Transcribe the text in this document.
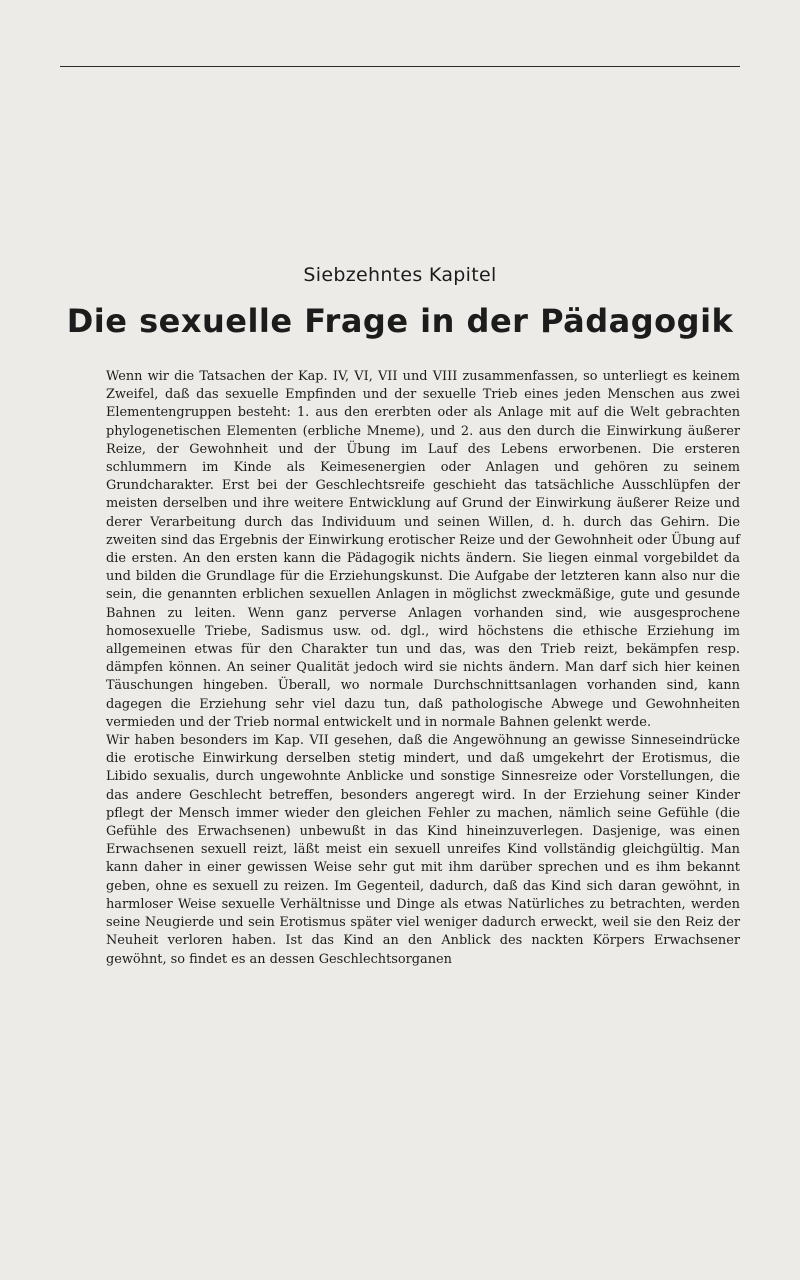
Siebzehntes Kapitel
Die sexuelle Frage in der Pädagogik

Wenn wir die Tatsachen der Kap. IV, VI, VII und VIII zusammenfassen, so unterliegt es keinem Zweifel, daß das sexuelle Empfinden und der sexuelle Trieb eines jeden Menschen aus zwei Elementengruppen besteht: 1. aus den ererbten oder als Anlage mit auf die Welt gebrachten phylogenetischen Elementen (erbliche Mneme), und 2. aus den durch die Einwirkung äußerer Reize, der Gewohnheit und der Übung im Lauf des Lebens erworbenen. Die ersteren schlummern im Kinde als Keimesenergien oder Anlagen und gehören zu seinem Grundcharakter. Erst bei der Geschlechtsreife geschieht das tatsächliche Ausschlüpfen der meisten derselben und ihre weitere Entwicklung auf Grund der Einwirkung äußerer Reize und derer Verarbeitung durch das Individuum und seinen Willen, d. h. durch das Gehirn. Die zweiten sind das Ergebnis der Einwirkung erotischer Reize und der Gewohnheit oder Übung auf die ersten. An den ersten kann die Pädagogik nichts ändern. Sie liegen einmal vorgebildet da und bilden die Grundlage für die Erziehungskunst. Die Aufgabe der letzteren kann also nur die sein, die genannten erblichen sexuellen Anlagen in möglichst zweckmäßige, gute und gesunde Bahnen zu leiten. Wenn ganz perverse Anlagen vorhanden sind, wie ausgesprochene homosexuelle Triebe, Sadismus usw. od. dgl., wird höchstens die ethische Erziehung im allgemeinen etwas für den Charakter tun und das, was den Trieb reizt, bekämpfen resp. dämpfen können. An seiner Qualität jedoch wird sie nichts ändern. Man darf sich hier keinen Täuschungen hingeben. Überall, wo normale Durchschnittsanlagen vorhanden sind, kann dagegen die Erziehung sehr viel dazu tun, daß pathologische Abwege und Gewohnheiten vermieden und der Trieb normal entwickelt und in normale Bahnen gelenkt werde.

Wir haben besonders im Kap. VII gesehen, daß die Angewöhnung an gewisse Sinneseindrücke die erotische Einwirkung derselben stetig mindert, und daß umgekehrt der Erotismus, die Libido sexualis, durch ungewohnte Anblicke und sonstige Sinnesreize oder Vorstellungen, die das andere Geschlecht betreffen, besonders angeregt wird. In der Erziehung seiner Kinder pflegt der Mensch immer wieder den gleichen Fehler zu machen, nämlich seine Gefühle (die Gefühle des Erwachsenen) unbewußt in das Kind hineinzuverlegen. Dasjenige, was einen Erwachsenen sexuell reizt, läßt meist ein sexuell unreifes Kind vollständig gleichgültig. Man kann daher in einer gewissen Weise sehr gut mit ihm darüber sprechen und es ihm bekannt geben, ohne es sexuell zu reizen. Im Gegenteil, dadurch, daß das Kind sich daran gewöhnt, in harmloser Weise sexuelle Verhältnisse und Dinge als etwas Natürliches zu betrachten, werden seine Neugierde und sein Erotismus später viel weniger dadurch erweckt, weil sie den Reiz der Neuheit verloren haben. Ist das Kind an den Anblick des nackten Körpers Erwachsener gewöhnt, so findet es an dessen Geschlechtsorganen
